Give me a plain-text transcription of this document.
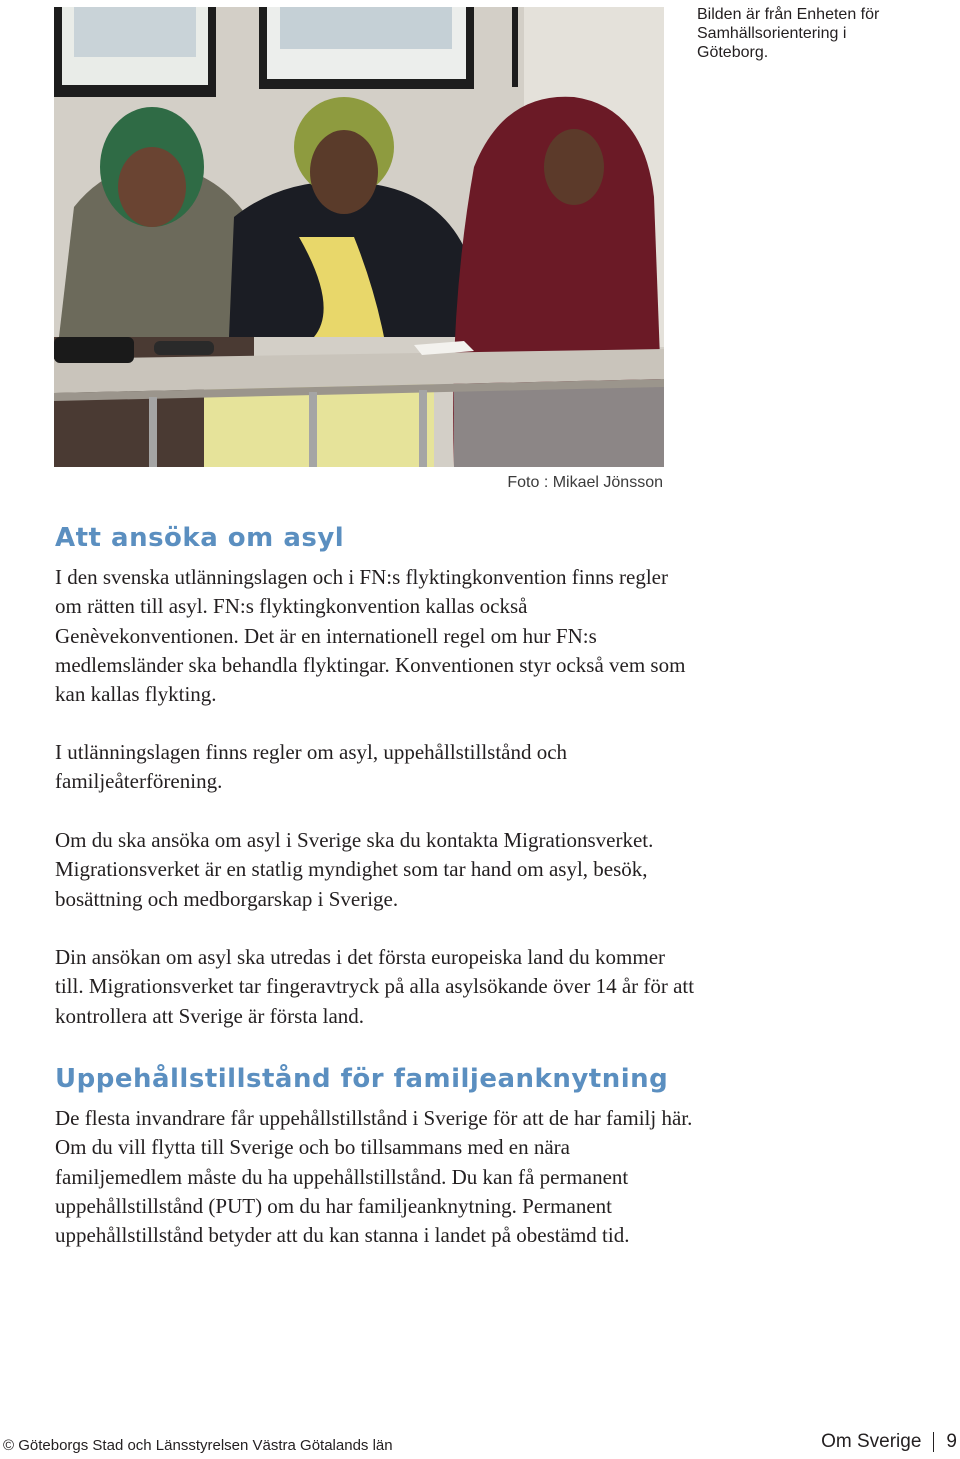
Bilden är från Enheten för Samhällsorientering i Göteborg.
Foto : Mikael Jönsson
Att ansöka om asyl

I den svenska utlänningslagen och i FN:s flyktingkonvention finns regler om rätten till asyl. FN:s flyktingkonvention kallas också Genèvekonventionen. Det är en internationell regel om hur FN:s medlemsländer ska behandla flyktingar. Konventionen styr också vem som kan kallas flykting.

I utlänningslagen finns regler om asyl, uppehållstillstånd och familjeåterförening.

Om du ska ansöka om asyl i Sverige ska du kontakta Migrationsverket. Migrationsverket är en statlig myndighet som tar hand om asyl, besök, bosättning och medborgarskap i Sverige.

Din ansökan om asyl ska utredas i det första europeiska land du kommer till. Migrationsverket tar fingeravtryck på alla asylsökande över 14 år för att kontrollera att Sverige är första land.

Uppehållstillstånd för familjeanknytning

De flesta invandrare får uppehållstillstånd i Sverige för att de har familj här. Om du vill flytta till Sverige och bo tillsammans med en nära familjemedlem måste du ha uppehållstillstånd. Du kan få permanent uppehållstillstånd (PUT) om du har familjeanknytning. Permanent uppehållstillstånd betyder att du kan stanna i landet på obestämd tid.

© Göteborgs Stad och Länsstyrelsen Västra Götalands län	Om Sverige 9
